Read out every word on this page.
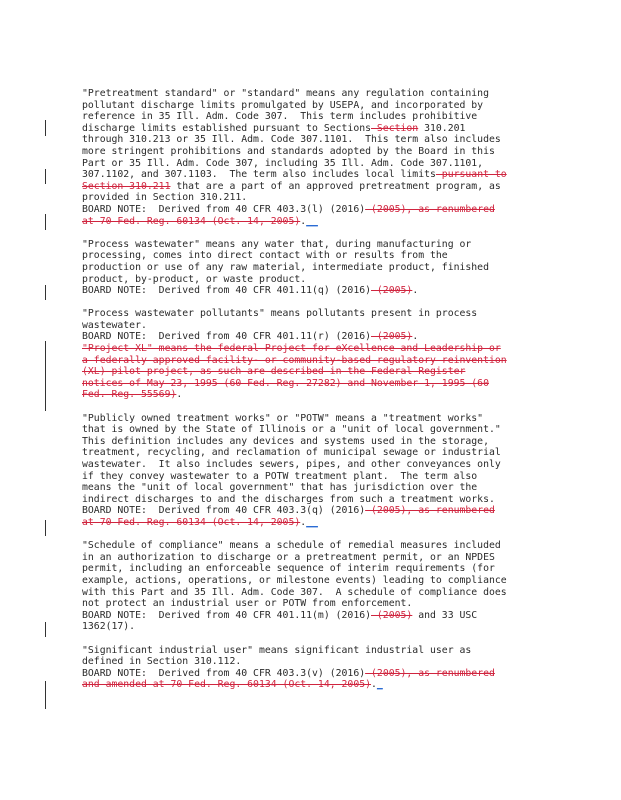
"Pretreatment standard" or "standard" means any regulation containing
pollutant discharge limits promulgated by USEPA, and incorporated by
reference in 35 Ill. Adm. Code 307.  This term includes prohibitive
discharge limits established pursuant to Sections Section 310.201
through 310.213 or 35 Ill. Adm. Code 307.1101.  This term also includes
more stringent prohibitions and standards adopted by the Board in this
Part or 35 Ill. Adm. Code 307, including 35 Ill. Adm. Code 307.1101,
307.1102, and 307.1103.  The term also includes local limits pursuant to
Section 310.211 that are a part of an approved pretreatment program, as
provided in Section 310.211.
BOARD NOTE:  Derived from 40 CFR 403.3(l) (2016) (2005), as renumbered
at 70 Fed. Reg. 60134 (Oct. 14, 2005).__
"Process wastewater" means any water that, during manufacturing or
processing, comes into direct contact with or results from the
production or use of any raw material, intermediate product, finished
product, by-product, or waste product.
BOARD NOTE:  Derived from 40 CFR 401.11(q) (2016) (2005).
"Process wastewater pollutants" means pollutants present in process
wastewater.
BOARD NOTE:  Derived from 40 CFR 401.11(r) (2016) (2005).
"Project XL" means the federal Project for eXcellence and Leadership or
a federally approved facility- or community-based regulatory reinvention
(XL) pilot project, as such are described in the Federal Register
notices of May 23, 1995 (60 Fed. Reg. 27282) and November 1, 1995 (60
Fed. Reg. 55569).
"Publicly owned treatment works" or "POTW" means a "treatment works"
that is owned by the State of Illinois or a "unit of local government."
This definition includes any devices and systems used in the storage,
treatment, recycling, and reclamation of municipal sewage or industrial
wastewater.  It also includes sewers, pipes, and other conveyances only
if they convey wastewater to a POTW treatment plant.  The term also
means the "unit of local government" that has jurisdiction over the
indirect discharges to and the discharges from such a treatment works.
BOARD NOTE:  Derived from 40 CFR 403.3(q) (2016) (2005), as renumbered
at 70 Fed. Reg. 60134 (Oct. 14, 2005).__
"Schedule of compliance" means a schedule of remedial measures included
in an authorization to discharge or a pretreatment permit, or an NPDES
permit, including an enforceable sequence of interim requirements (for
example, actions, operations, or milestone events) leading to compliance
with this Part and 35 Ill. Adm. Code 307.  A schedule of compliance does
not protect an industrial user or POTW from enforcement.
BOARD NOTE:  Derived from 40 CFR 401.11(m) (2016) (2005) and 33 USC
1362(17).
"Significant industrial user" means significant industrial user as
defined in Section 310.112.
BOARD NOTE:  Derived from 40 CFR 403.3(v) (2016) (2005), as renumbered
and amended at 70 Fed. Reg. 60134 (Oct. 14, 2005)._
